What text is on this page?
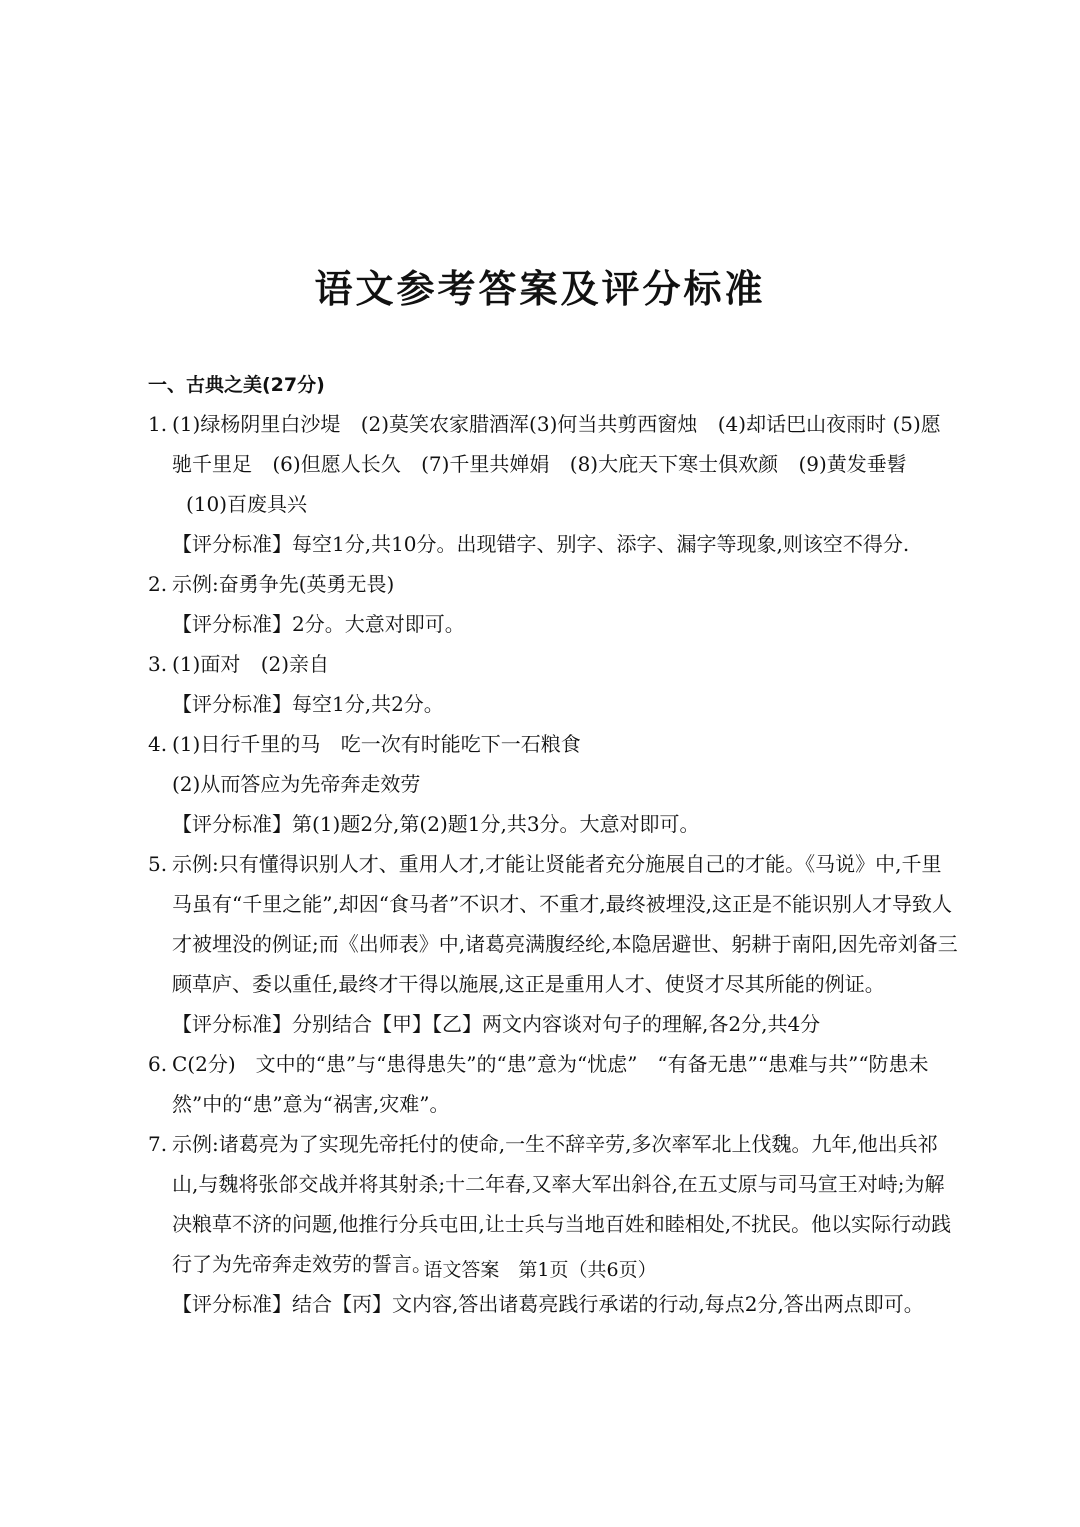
语文参考答案及评分标准
一、古典之美(27分)
1. (1)绿杨阴里白沙堤 (2)莫笑农家腊酒浑(3)何当共剪西窗烛 (4)却话巴山夜雨时 (5)愿驰千里足 (6)但愿人长久 (7)千里共婵娟 (8)大庇天下寒士俱欢颜 (9)黄发垂髫 (10)百废具兴
【评分标准】每空1分,共10分。出现错字、别字、添字、漏字等现象,则该空不得分.
2. 示例:奋勇争先(英勇无畏)
【评分标准】2分。大意对即可。
3. (1)面对 (2)亲自
【评分标准】每空1分,共2分。
4. (1)日行千里的马 吃一次有时能吃下一石粮食
(2)从而答应为先帝奔走效劳
【评分标准】第(1)题2分,第(2)题1分,共3分。大意对即可。
5. 示例:只有懂得识别人才、重用人才,才能让贤能者充分施展自己的才能。《马说》中,千里马虽有“千里之能”,却因“食马者”不识才、不重才,最终被埋没,这正是不能识别人才导致人才被埋没的例证;而《出师表》中,诸葛亮满腹经纶,本隐居避世、躬耕于南阳,因先帝刘备三顾草庐、委以重任,最终才干得以施展,这正是重用人才、使贤才尽其所能的例证。
【评分标准】分别结合【甲】【乙】两文内容谈对句子的理解,各2分,共4分
6. C(2分)　文中的“患”与“患得患失”的“患”意为“忧虑”　“有备无患”“患难与共”“防患未然”中的“患”意为“祸害,灾难”。
7. 示例:诸葛亮为了实现先帝托付的使命,一生不辞辛劳,多次率军北上伐魏。九年,他出兵祁山,与魏将张郃交战并将其射杀;十二年春,又率大军出斜谷,在五丈原与司马宣王对峙;为解决粮草不济的问题,他推行分兵屯田,让士兵与当地百姓和睦相处,不扰民。他以实际行动践行了为先帝奔走效劳的誓言。
【评分标准】结合【丙】文内容,答出诸葛亮践行承诺的行动,每点2分,答出两点即可。
语文答案　第1页（共6页）
